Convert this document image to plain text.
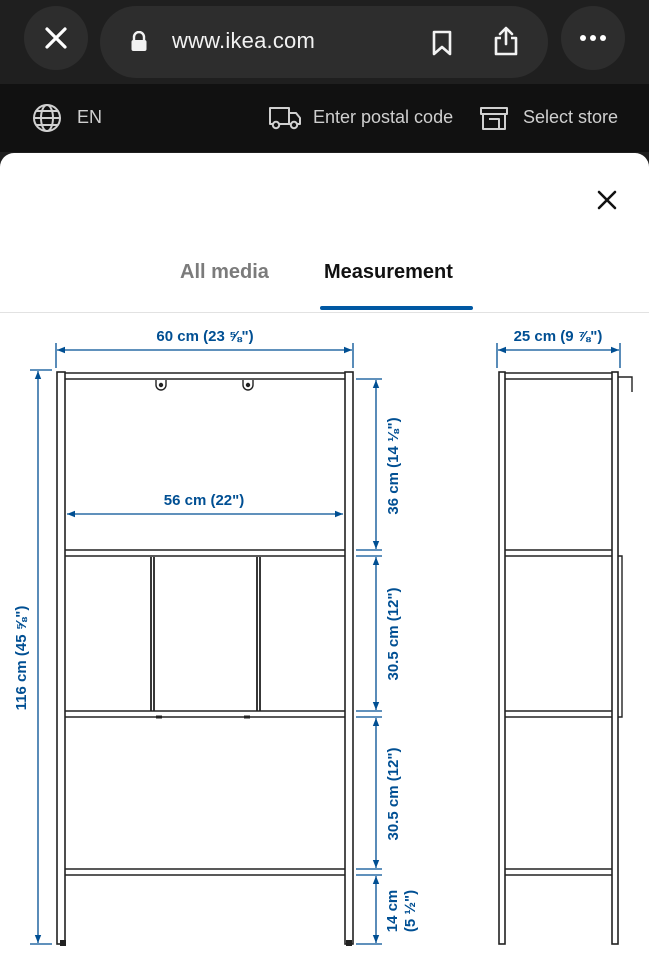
www.ikea.com
EN	Enter postal code	Select store
All media	Measurement
60 cm (23 ⅝")	25 cm (9 ⅞")
56 cm (22")
116 cm (45 ⅝")
36 cm (14 ⅛")
30.5 cm (12")
30.5 cm (12")
14 cm (5 ½")
